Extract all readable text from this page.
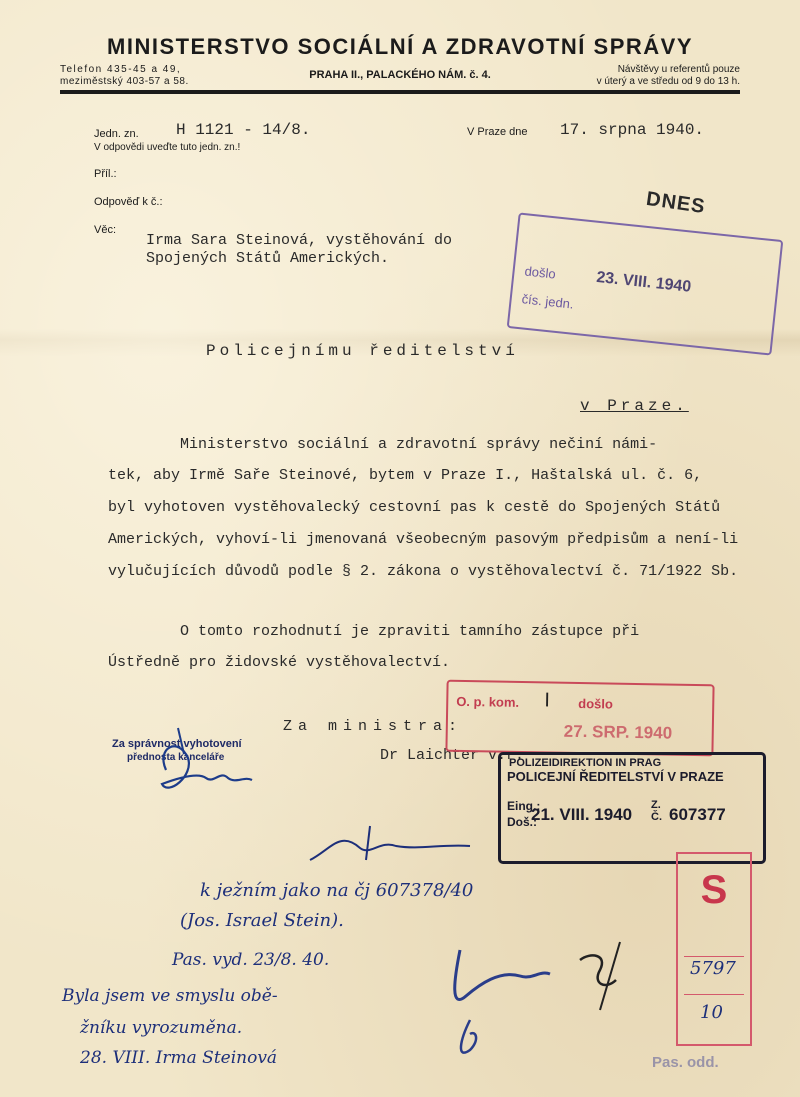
MINISTERSTVO SOCIÁLNÍ A ZDRAVOTNÍ SPRÁVY
Telefon 435-45 a 49,
meziměstský 403-57 a 58.
PRAHA II., PALACKÉHO NÁM. č. 4.	Návštěvy u referentů pouze
v úterý a ve středu od 9 do 13 h.
Jedn. zn. H 1121 - 14/8.
V odpovědi uveďte tuto jedn. zn.!
V Praze dne 17. srpna 1940.
Příl.:
Odpověď k č.:
Věc:
Irma Sara Steinová, vystěhování do
Spojených Států Amerických.
Policejnímu ředitelství
v Praze.
Ministerstvo sociální a zdravotní správy nečiní námi-
tek, aby Irmě Saře Steinové, bytem v Praze I., Haštalská ul. č. 6,
byl vyhotoven vystěhovalecký cestovní pas k cestě do Spojených Států
Amerických, vyhoví-li jmenovaná všeobecným pasovým předpisům a není-li
vylučujících důvodů podle § 2. zákona o vystěhovalectví č. 71/1922 Sb.
O tomto rozhodnutí je zpraviti tamního zástupce při
Ústředně pro židovské vystěhovalectví.
Za ministra:
Dr Laichter v.r.
DNES
došlo 23. VIII. 1940
čís. jedn.
Za správnost vyhotovení
přednosta kanceláře
O. p. kom. I došlo
27. SRP. 1940
POLIZEIDIREKTION IN PRAG
POLICEJNÍ ŘEDITELSTVÍ V PRAZE
Eing.:
Doš.:
21. VIII. 1940 Z. Č. 607377
S
5797
10
Pas. odd.
k ježním jako na čj 607378/40
(Jos. Israel Stein).
Pas. vyd. 23/8. 40.
Byla jsem ve smyslu obě-
žníku vyrozuměna.
28. VIII. Irma Steinová
